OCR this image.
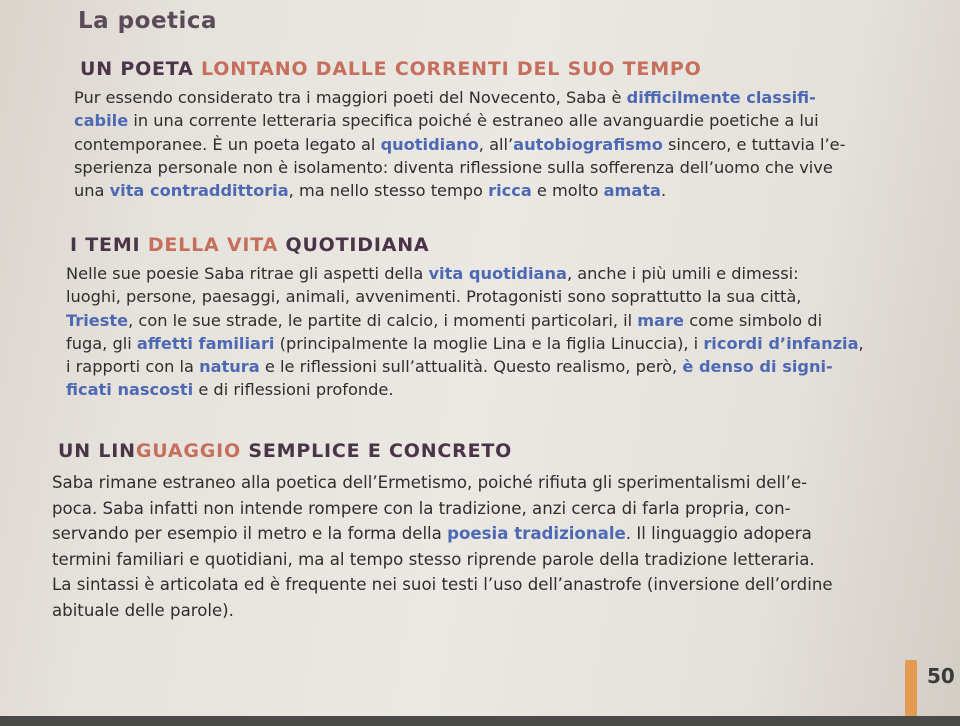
La poetica
UN POETA LONTANO DALLE CORRENTI DEL SUO TEMPO
Pur essendo considerato tra i maggiori poeti del Novecento, Saba è difficilmente classifi-
cabile in una corrente letteraria specifica poiché è estraneo alle avanguardie poetiche a lui
contemporanee. È un poeta legato al quotidiano, all’autobiografismo sincero, e tuttavia l’e-
sperienza personale non è isolamento: diventa riflessione sulla sofferenza dell’uomo che vive
una vita contraddittoria, ma nello stesso tempo ricca e molto amata.
I TEMI DELLA VITA QUOTIDIANA
Nelle sue poesie Saba ritrae gli aspetti della vita quotidiana, anche i più umili e dimessi:
luoghi, persone, paesaggi, animali, avvenimenti. Protagonisti sono soprattutto la sua città,
Trieste, con le sue strade, le partite di calcio, i momenti particolari, il mare come simbolo di
fuga, gli affetti familiari (principalmente la moglie Lina e la figlia Linuccia), i ricordi d’infanzia,
i rapporti con la natura e le riflessioni sull’attualità. Questo realismo, però, è denso di signi-
ficati nascosti e di riflessioni profonde.
UN LINGUAGGIO SEMPLICE E CONCRETO
Saba rimane estraneo alla poetica dell’Ermetismo, poiché rifiuta gli sperimentalismi dell’e-
poca. Saba infatti non intende rompere con la tradizione, anzi cerca di farla propria, con-
servando per esempio il metro e la forma della poesia tradizionale. Il linguaggio adopera
termini familiari e quotidiani, ma al tempo stesso riprende parole della tradizione letteraria.
La sintassi è articolata ed è frequente nei suoi testi l’uso dell’anastrofe (inversione dell’ordine
abituale delle parole).
50
